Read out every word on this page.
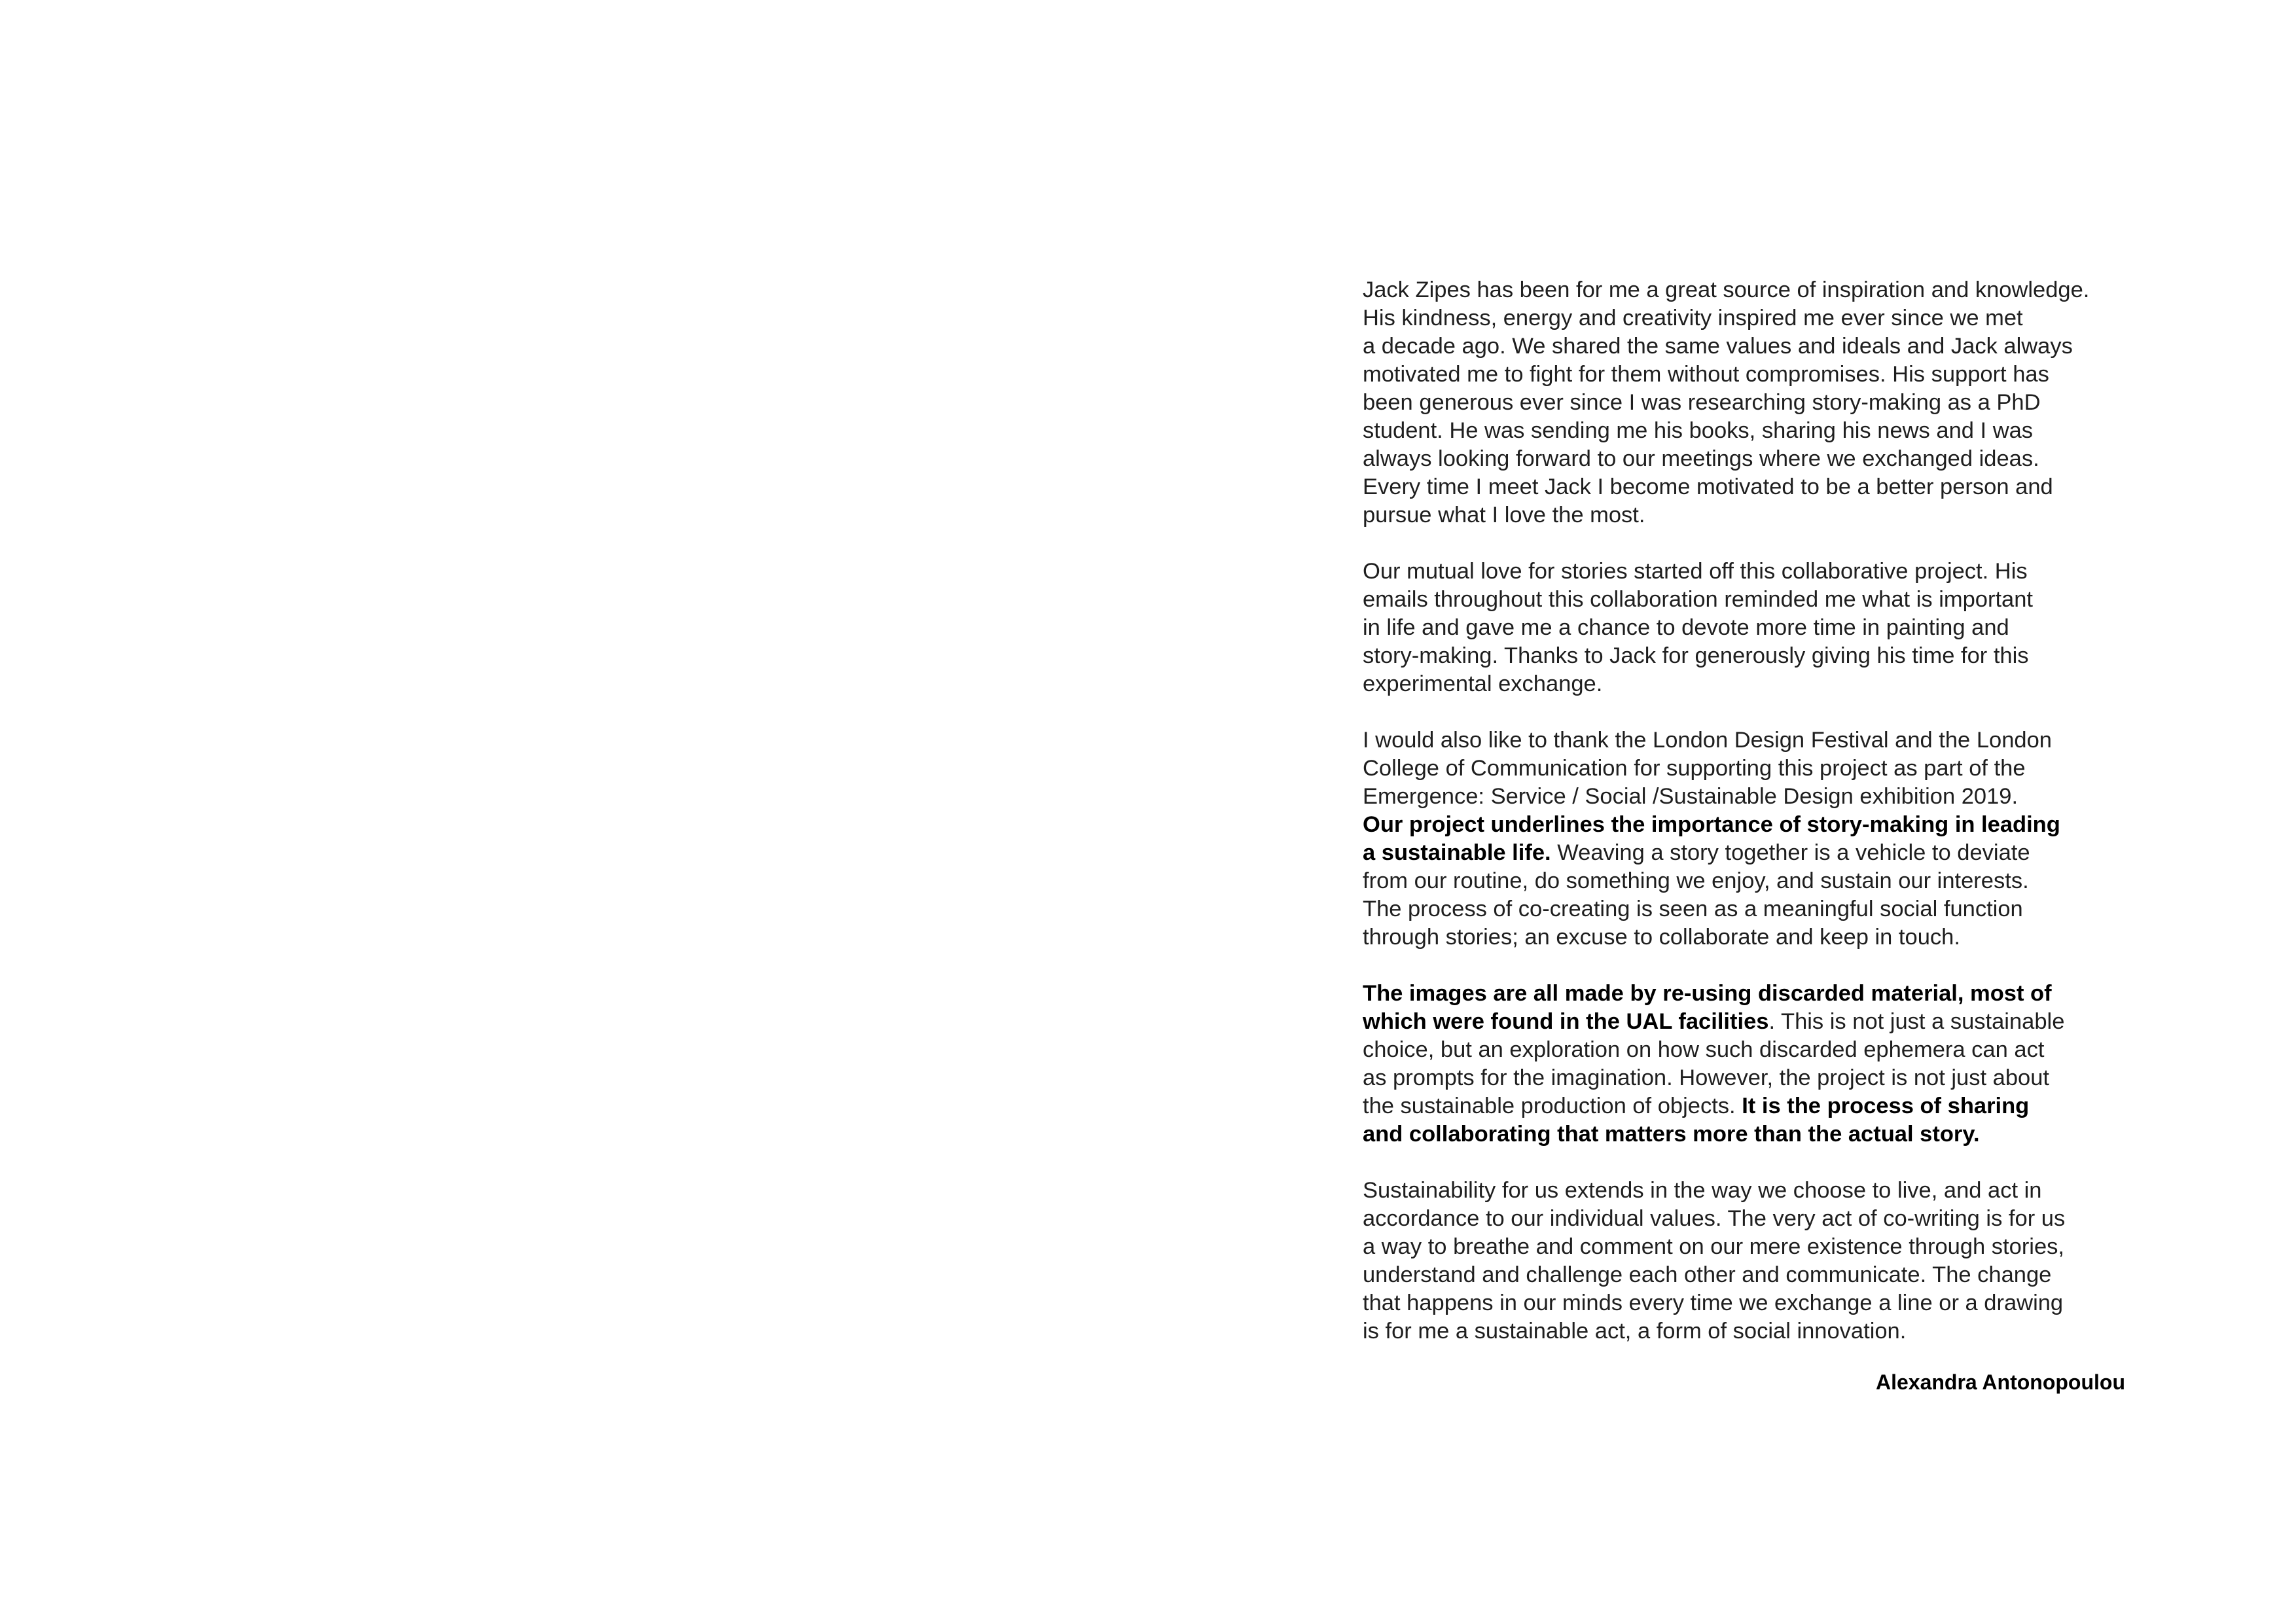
Jack Zipes has been for me a great source of inspiration and knowledge.
His kindness, energy and creativity inspired me ever since we met
a decade ago. We shared the same values and ideals and Jack always
motivated me to fight for them without compromises. His support has
been generous ever since I was researching story-making as a PhD
student. He was sending me his books, sharing his news and I was
always looking forward to our meetings where we exchanged ideas.
Every time I meet Jack I become motivated to be a better person and
pursue what I love the most.
Our mutual love for stories started off this collaborative project. His
emails throughout this collaboration reminded me what is important
in life and gave me a chance to devote more time in painting and
story-making. Thanks to Jack for generously giving his time for this
experimental exchange.
I would also like to thank the London Design Festival and the London
College of Communication for supporting this project as part of the
Emergence: Service / Social /Sustainable Design exhibition 2019.
Our project underlines the importance of story-making in leading
a sustainable life. Weaving a story together is a vehicle to deviate
from our routine, do something we enjoy, and sustain our interests.
The process of co-creating is seen as a meaningful social function
through stories; an excuse to collaborate and keep in touch.
The images are all made by re-using discarded material, most of
which were found in the UAL facilities. This is not just a sustainable
choice, but an exploration on how such discarded ephemera can act
as prompts for the imagination. However, the project is not just about
the sustainable production of objects. It is the process of sharing
and collaborating that matters more than the actual story.
Sustainability for us extends in the way we choose to live, and act in
accordance to our individual values. The very act of co-writing is for us
a way to breathe and comment on our mere existence through stories,
understand and challenge each other and communicate. The change
that happens in our minds every time we exchange a line or a drawing
is for me a sustainable act, a form of social innovation.
Alexandra Antonopoulou
